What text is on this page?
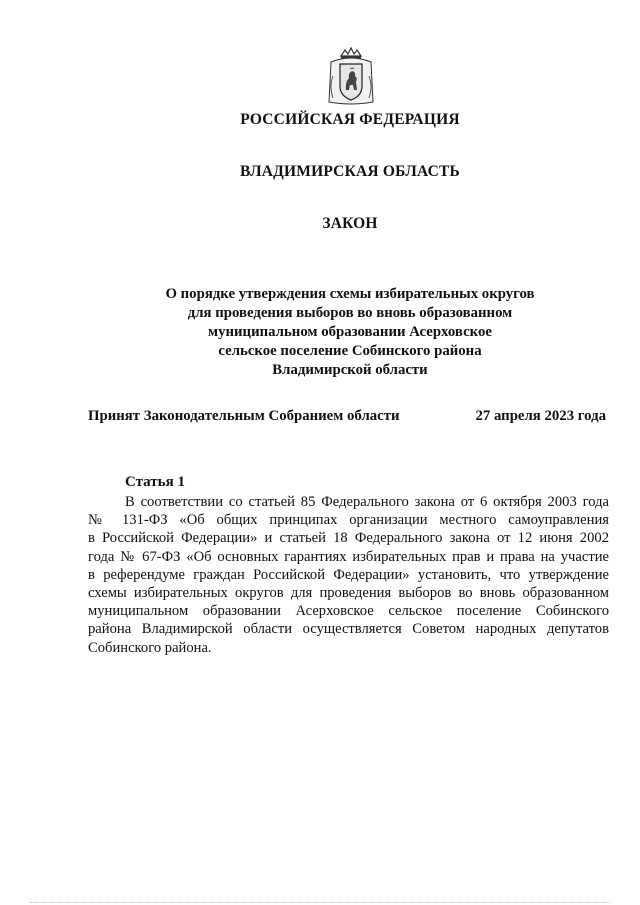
РОССИЙСКАЯ ФЕДЕРАЦИЯ
ВЛАДИМИРСКАЯ ОБЛАСТЬ
ЗАКОН
О порядке утверждения схемы избирательных округов
для проведения выборов во вновь образованном
муниципальном образовании Асерховское
сельское поселение Собинского района
Владимирской области
Принят Законодательным Собранием области	27 апреля 2023 года
Статья 1
В соответствии со статьей 85 Федерального закона от 6 октября 2003 года
№ 131-ФЗ «Об общих принципах организации местного самоуправления
в Российской Федерации» и статьей 18 Федерального закона от 12 июня 2002
года № 67-ФЗ «Об основных гарантиях избирательных прав и права на участие
в референдуме граждан Российской Федерации» установить, что утверждение
схемы избирательных округов для проведения выборов во вновь образованном
муниципальном образовании Асерховское сельское поселение Собинского
района Владимирской области осуществляется Советом народных депутатов
Собинского района.
